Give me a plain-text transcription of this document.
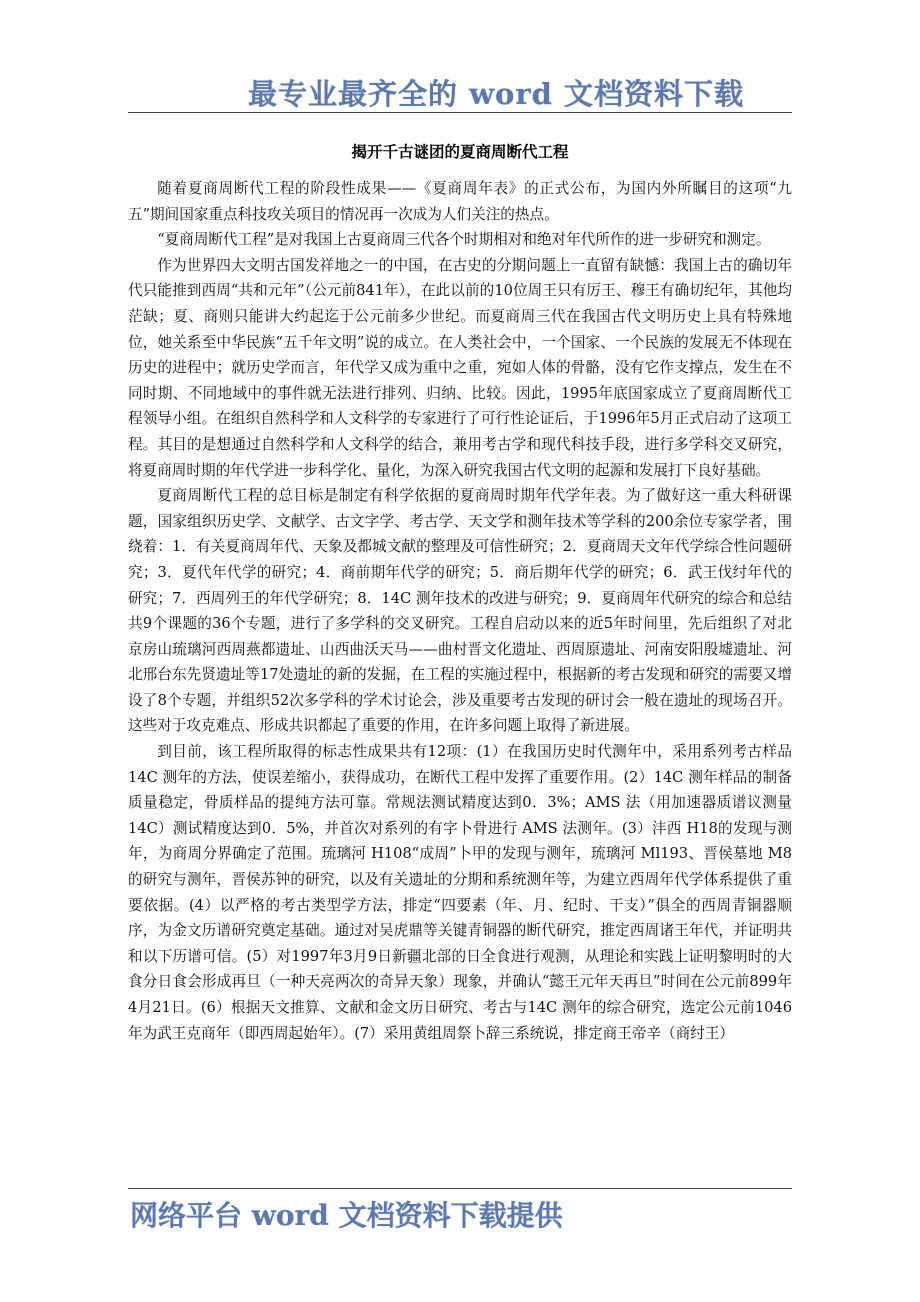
最专业最齐全的 word 文档资料下载
揭开千古谜团的夏商周断代工程

随着夏商周断代工程的阶段性成果——《夏商周年表》的正式公布，为国内外所瞩目的这项“九五”期间国家重点科技攻关项目的情况再一次成为人们关注的热点。

“夏商周断代工程”是对我国上古夏商周三代各个时期相对和绝对年代所作的进一步研究和测定。

作为世界四大文明古国发祥地之一的中国，在古史的分期问题上一直留有缺憾：我国上古的确切年代只能推到西周“共和元年”（公元前841年），在此以前的10位周王只有厉王、穆王有确切纪年，其他均茫缺；夏、商则只能讲大约起迄于公元前多少世纪。而夏商周三代在我国古代文明历史上具有特殊地位，她关系至中华民族“五千年文明”说的成立。在人类社会中，一个国家、一个民族的发展无不体现在历史的进程中；就历史学而言，年代学又成为重中之重，宛如人体的骨骼，没有它作支撑点，发生在不同时期、不同地域中的事件就无法进行排列、归纳、比较。因此，1995年底国家成立了夏商周断代工程领导小组。在组织自然科学和人文科学的专家进行了可行性论证后，于1996年5月正式启动了这项工程。其目的是想通过自然科学和人文科学的结合，兼用考古学和现代科技手段，进行多学科交叉研究，将夏商周时期的年代学进一步科学化、量化，为深入研究我国古代文明的起源和发展打下良好基础。

夏商周断代工程的总目标是制定有科学依据的夏商周时期年代学年表。为了做好这一重大科研课题，国家组织历史学、文献学、古文字学、考古学、天文学和测年技术等学科的200余位专家学者，围绕着：1．有关夏商周年代、天象及都城文献的整理及可信性研究；2．夏商周天文年代学综合性问题研究；3．夏代年代学的研究；4．商前期年代学的研究；5．商后期年代学的研究；6．武王伐纣年代的研究；7．西周列王的年代学研究；8．14C 测年技术的改进与研究；9．夏商周年代研究的综合和总结共9个课题的36个专题，进行了多学科的交叉研究。工程自启动以来的近5年时间里，先后组织了对北京房山琉璃河西周燕都遗址、山西曲沃天马——曲村晋文化遗址、西周原遗址、河南安阳殷墟遗址、河北邢台东先贤遗址等17处遗址的新的发掘，在工程的实施过程中，根据新的考古发现和研究的需要又增设了8个专题，并组织52次多学科的学术讨论会，涉及重要考古发现的研讨会一般在遗址的现场召开。这些对于攻克难点、形成共识都起了重要的作用，在许多问题上取得了新进展。

到目前，该工程所取得的标志性成果共有12项：(1）在我国历史时代测年中，采用系列考古样品14C 测年的方法，使误差缩小，获得成功，在断代工程中发挥了重要作用。(2）14C 测年样品的制备质量稳定，骨质样品的提纯方法可靠。常规法测试精度达到0．3%；AMS 法（用加速器质谱议测量14C）测试精度达到0．5%，并首次对系列的有字卜骨进行 AMS 法测年。(3）沣西 H18的发现与测年，为商周分界确定了范围。琉璃河 H108“成周”卜甲的发现与测年，琉璃河 Ml193、晋侯墓地 M8的研究与测年，晋侯苏钟的研究，以及有关遗址的分期和系统测年等，为建立西周年代学体系提供了重要依据。(4）以严格的考古类型学方法，排定“四要素（年、月、纪时、干支）”俱全的西周青铜器顺序，为金文历谱研究奠定基础。通过对吴虎鼎等关键青铜器的断代研究，推定西周诸王年代，并证明共和以下历谱可信。(5）对1997年3月9日新疆北部的日全食进行观测，从理论和实践上证明黎明时的大食分日食会形成再旦（一种天亮两次的奇异天象）现象，并确认“懿王元年天再旦”时间在公元前899年4月21日。(6）根据天文推算、文献和金文历日研究、考古与14C 测年的综合研究，选定公元前1046年为武王克商年（即西周起始年）。(7）采用黄组周祭卜辞三系统说，排定商王帝辛（商纣王）

网络平台 word 文档资料下载提供
